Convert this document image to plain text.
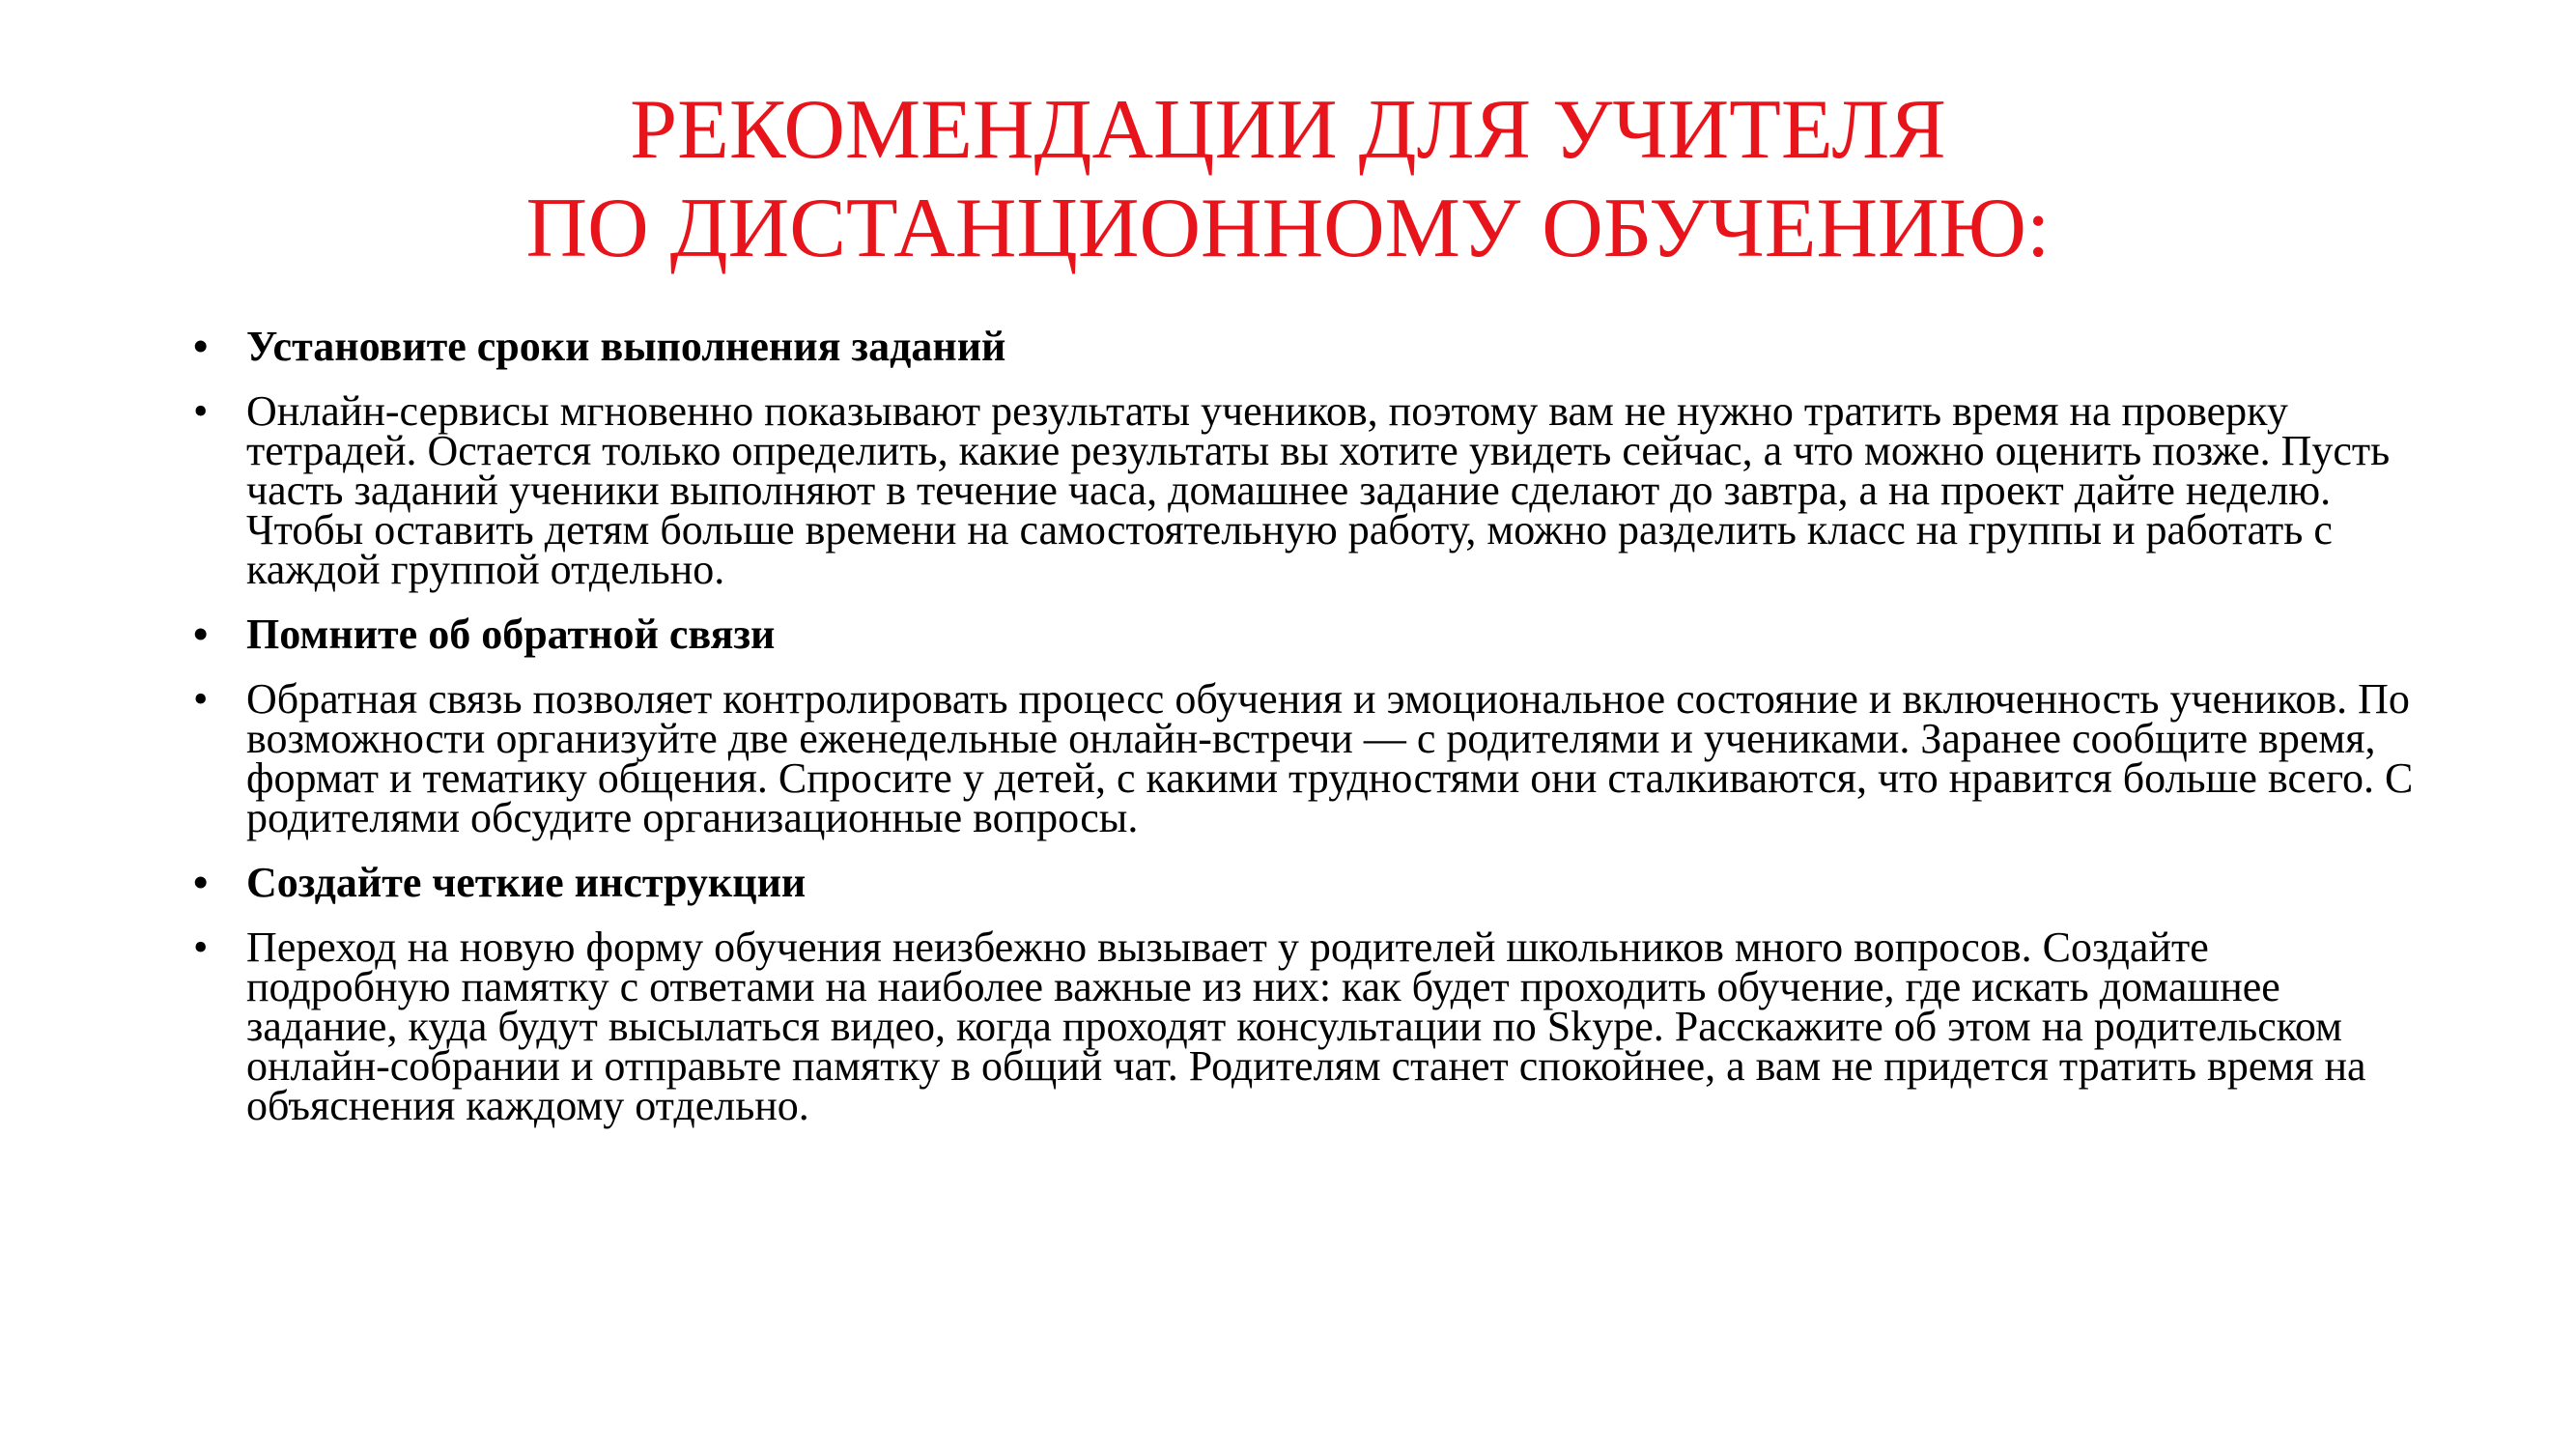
РЕКОМЕНДАЦИИ ДЛЯ УЧИТЕЛЯ
ПО ДИСТАНЦИОННОМУ ОБУЧЕНИЮ:
• Установите сроки выполнения заданий
• Онлайн-сервисы мгновенно показывают результаты учеников, поэтому вам не нужно тратить время на проверку тетрадей. Остается только определить, какие результаты вы хотите увидеть сейчас, а что можно оценить позже. Пусть часть заданий ученики выполняют в течение часа, домашнее задание сделают до завтра, а на проект дайте неделю. Чтобы оставить детям больше времени на самостоятельную работу, можно разделить класс на группы и работать с каждой группой отдельно.
• Помните об обратной связи
• Обратная связь позволяет контролировать процесс обучения и эмоциональное состояние и включенность учеников. По возможности организуйте две еженедельные онлайн-встречи — с родителями и учениками. Заранее сообщите время, формат и тематику общения. Спросите у детей, с какими трудностями они сталкиваются, что нравится больше всего. С родителями обсудите организационные вопросы.
• Создайте четкие инструкции
• Переход на новую форму обучения неизбежно вызывает у родителей школьников много вопросов. Создайте подробную памятку с ответами на наиболее важные из них: как будет проходить обучение, где искать домашнее задание, куда будут высылаться видео, когда проходят консультации по Skype. Расскажите об этом на родительском онлайн-собрании и отправьте памятку в общий чат. Родителям станет спокойнее, а вам не придется тратить время на объяснения каждому отдельно.
